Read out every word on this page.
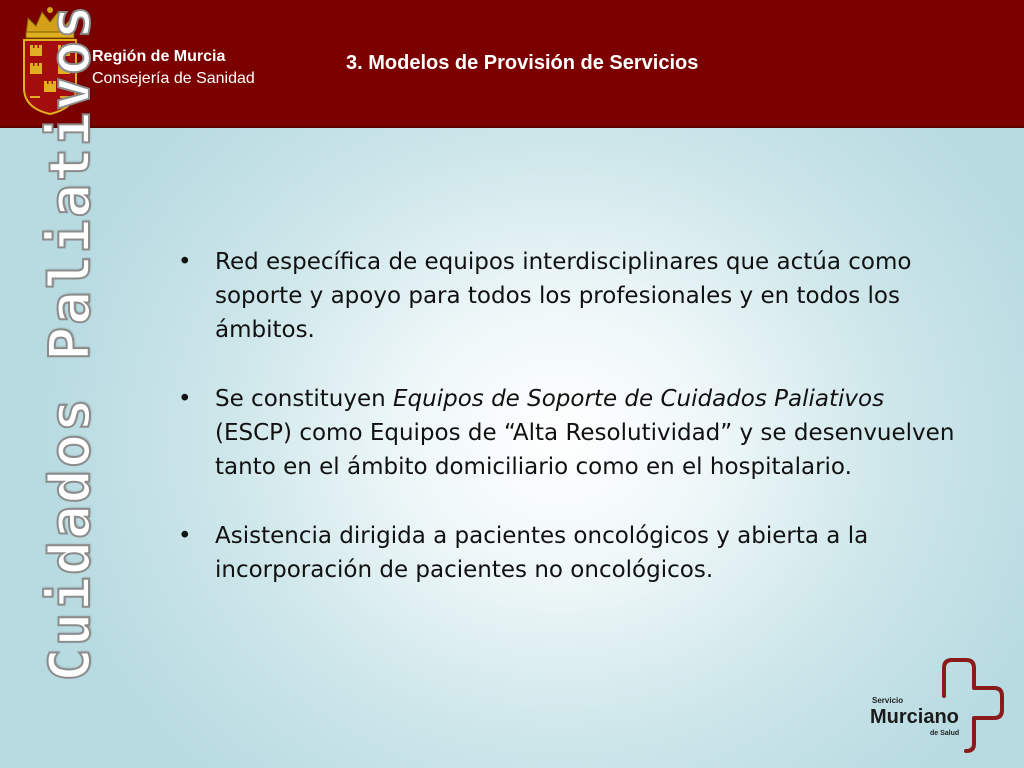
Región de Murcia
Consejería de Sanidad
3. Modelos de Provisión de Servicios
Cuidados Paliativos	• Red específica de equipos interdisciplinares que actúa como soporte y apoyo para todos los profesionales y en todos los ámbitos.
• Se constituyen Equipos de Soporte de Cuidados Paliativos (ESCP) como Equipos de “Alta Resolutividad” y se desenvuelven tanto en el ámbito domiciliario como en el hospitalario.
• Asistencia dirigida a pacientes oncológicos y abierta a la incorporación de pacientes no oncológicos.
Servicio
Murciano
de Salud
